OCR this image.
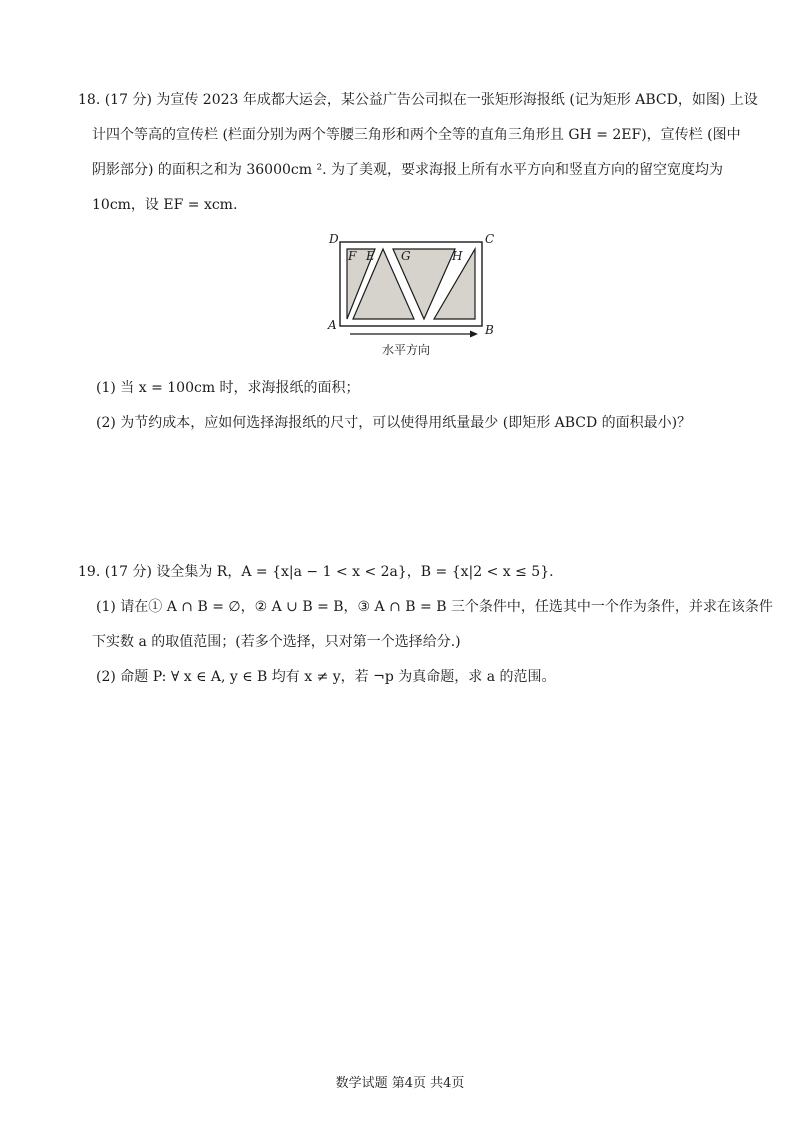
18. (17 分) 为宣传 2023 年成都大运会，某公益广告公司拟在一张矩形海报纸 (记为矩形 ABCD，如图) 上设
计四个等高的宣传栏 (栏面分别为两个等腰三角形和两个全等的直角三角形且 GH = 2EF)，宣传栏 (图中
阴影部分) 的面积之和为 36000cm ². 为了美观，要求海报上所有水平方向和竖直方向的留空宽度均为
10cm，设 EF = xcm.
D	C
A	B
F E G	H
水平方向
(1) 当 x = 100cm 时，求海报纸的面积；
(2) 为节约成本，应如何选择海报纸的尺寸，可以使得用纸量最少 (即矩形 ABCD 的面积最小)？
19. (17 分) 设全集为 R，A = {x|a − 1 < x < 2a}，B = {x|2 < x ≤ 5}.
(1) 请在① A ∩ B = ∅，② A ∪ B = B，③ A ∩ B = B 三个条件中，任选其中一个作为条件，并求在该条件
下实数 a 的取值范围；(若多个选择，只对第一个选择给分.)
(2) 命题 P: ∀ x ∈ A, y ∈ B 均有 x ≠ y，若 ¬p 为真命题，求 a 的范围。
数学试题 第4页 共4页
